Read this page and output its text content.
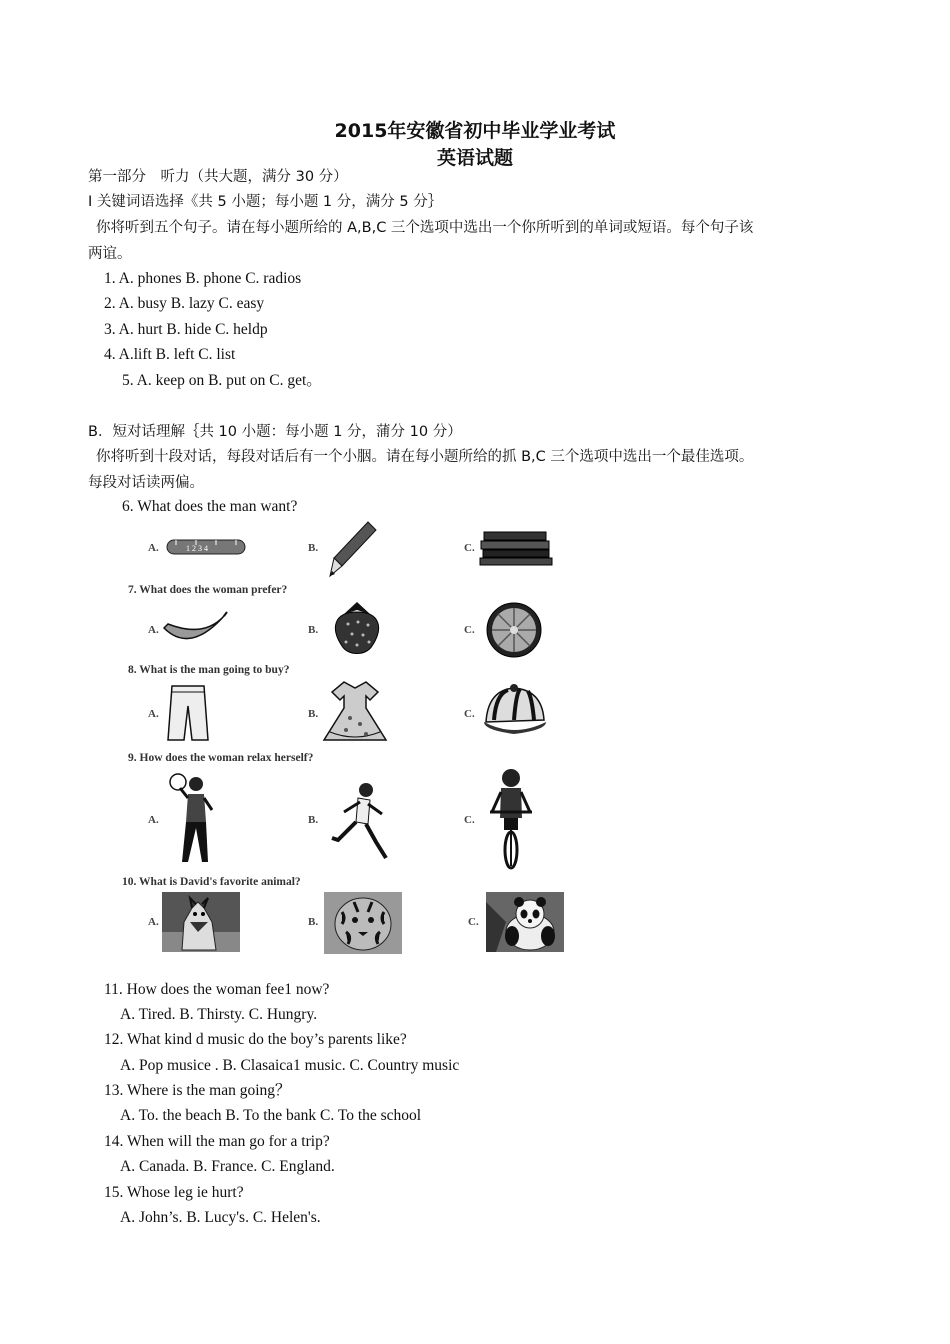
2015年安徽省初中毕业学业考试
英语试题
第一部分　听力（共大题，满分 30 分）
I 关键词语选择《共 5 小题；每小题 1 分，满分 5 分｝
你将听到五个句子。请在每小题所给的 A,B,C 三个选项中选出一个你所听到的单词或短语。每个句子该
两谊。
1. A. phones B. phone C. radios
2. A. busy B. lazy C. easy
3. A. hurt B. hide C. heldp
4. A.lift B. left C. list
5. A. keep on B. put on C. get。
B．短对话理解｛共 10 小题：每小题 1 分，蒲分 10 分）
你将听到十段对话，每段对话后有一个小胭。请在每小题所给的抓 B,C 三个选项中选出一个最佳选项。
每段对话读两偏。
6. What does the man want?
A.	B.	C.
1 2 3 4
7. What does the woman prefer?
A.	B.	C.
8. What is the man going to buy?
A.	B.	C.
9. How does the woman relax herself?
A.	B.	C.
10. What is David's favorite animal?
A.	B.	C.
11. How does the woman fee1 now?
A. Tired. B. Thirsty. C. Hungry.
12. What kind d music do the boy’s parents like?
A. Pop musice . B. Clasaica1 music. C. Country music
13. Where is the man going？
A. To. the beach B. To the bank C. To the school
14. When will the man go for a trip?
A. Canada. B. France. C. England.
15. Whose leg ie hurt?
A. John’s. B. Lucy's. C. Helen's.
